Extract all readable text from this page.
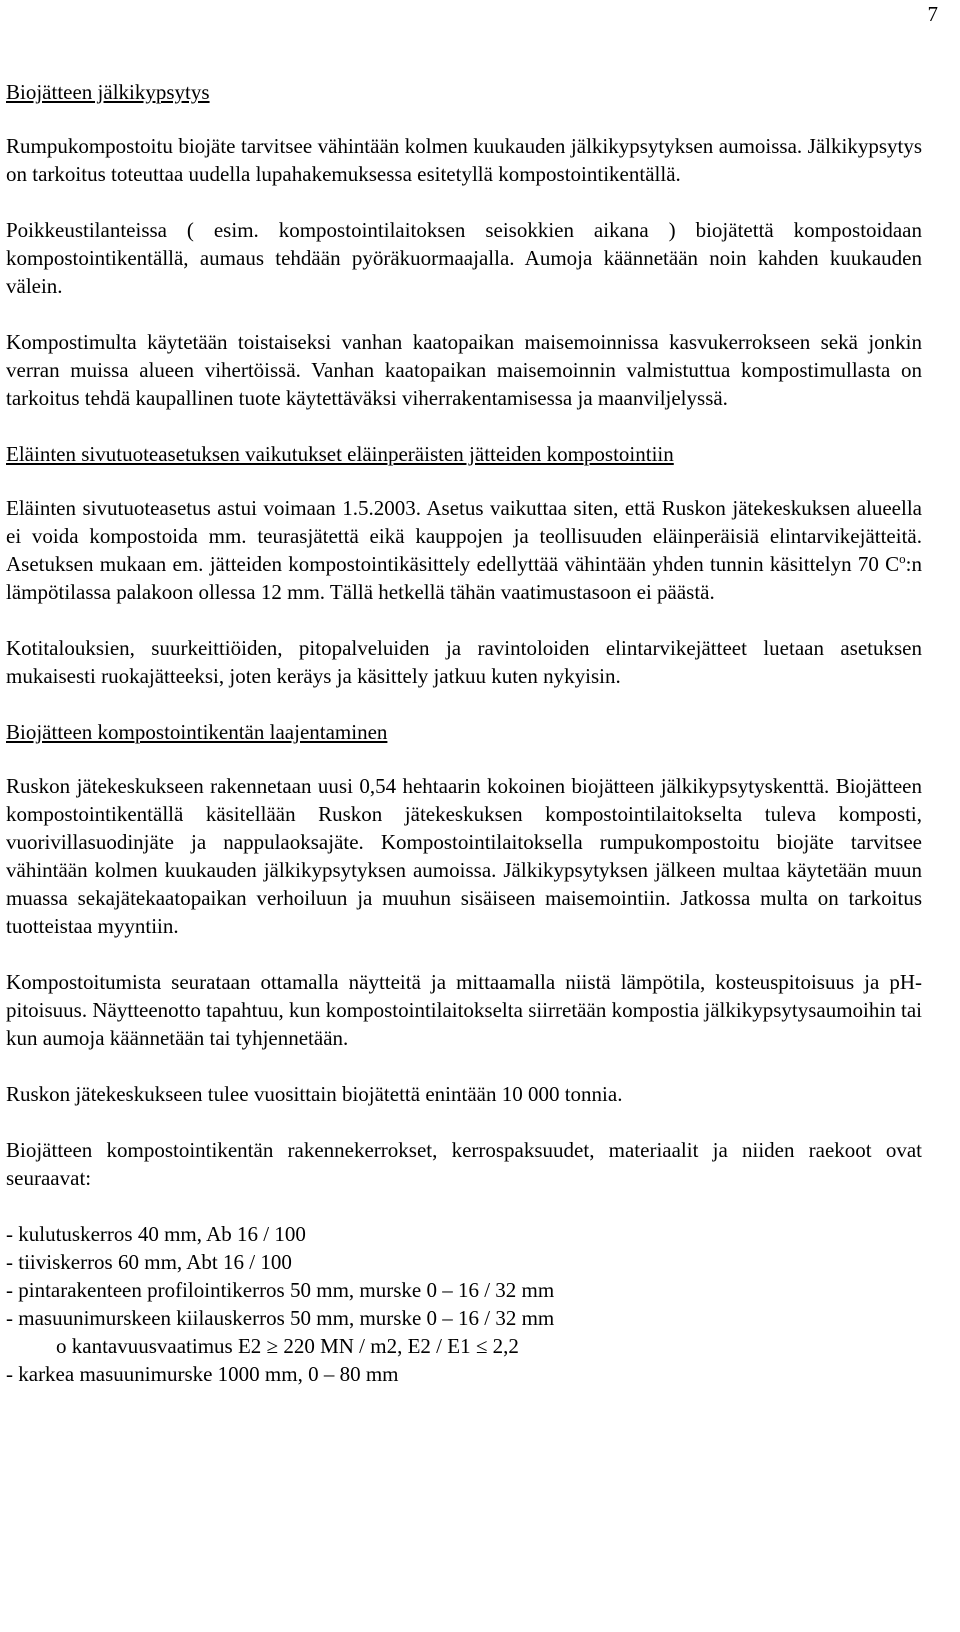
7

Biojätteen jälkikypsytys

Rumpukompostoitu biojäte tarvitsee vähintään kolmen kuukauden jälkikypsytyksen aumoissa. Jälkikypsytys on tarkoitus toteuttaa uudella lupahakemuksessa esitetyllä kompostointikentällä.

Poikkeustilanteissa ( esim. kompostointilaitoksen seisokkien aikana ) biojätettä kompostoidaan kompostointikentällä, aumaus tehdään pyöräkuormaajalla. Aumoja käännetään noin kahden kuukauden välein.

Kompostimulta käytetään toistaiseksi vanhan kaatopaikan maisemoinnissa kasvukerrokseen sekä jonkin verran muissa alueen vihertöissä. Vanhan kaatopaikan maisemoinnin valmistuttua kompostimullasta on tarkoitus tehdä kaupallinen tuote käytettäväksi viherrakentamisessa ja maanviljelyssä.

Eläinten sivutuoteasetuksen vaikutukset eläinperäisten jätteiden kompostointiin

Eläinten sivutuoteasetus astui voimaan 1.5.2003. Asetus vaikuttaa siten, että Ruskon jätekeskuksen alueella ei voida kompostoida mm. teurasjätettä eikä kauppojen ja teollisuuden eläinperäisiä elintarvikejätteitä. Asetuksen mukaan em. jätteiden kompostointikäsittely edellyttää vähintään yhden tunnin käsittelyn 70 $C^o:n$ lämpötilassa palakoon ollessa 12 mm. Tällä hetkellä tähän vaatimustasoon ei päästä.

Kotitalouksien, suurkeittiöiden, pitopalveluiden ja ravintoloiden elintarvikejätteet luetaan asetuksen mukaisesti ruokajätteeksi, joten keräys ja käsittely jatkuu kuten nykyisin.

Biojätteen kompostointikentän laajentaminen

Ruskon jätekeskukseen rakennetaan uusi 0,54 hehtaarin kokoinen biojätteen jälkikypsytyskenttä. Biojätteen kompostointikentällä käsitellään Ruskon jätekeskuksen kompostointilaitokselta tuleva komposti, vuorivillasuodinjäte ja nappulaoksajäte. Kompostointilaitoksella rumpukompostoitu biojäte tarvitsee vähintään kolmen kuukauden jälkikypsytyksen aumoissa. Jälkikypsytyksen jälkeen multaa käytetään muun muassa sekajätekaatopaikan verhoiluun ja muuhun sisäiseen maisemointiin. Jatkossa multa on tarkoitus tuotteistaa myyntiin.

Kompostoitumista seurataan ottamalla näytteitä ja mittaamalla niistä lämpötila, kosteuspitoisuus ja pH-pitoisuus. Näytteenotto tapahtuu, kun kompostointilaitokselta siirretään kompostia jälkikypsytysaumoihin tai kun aumoja käännetään tai tyhjennetään.

Ruskon jätekeskukseen tulee vuosittain biojätettä enintään 10 000 tonnia.

Biojätteen kompostointikentän rakennekerrokset, kerrospaksuudet, materiaalit ja niiden raekoot ovat seuraavat:

- kulutuskerros 40 mm, Ab 16 / 100
- tiiviskerros 60 mm, Abt 16 / 100
- pintarakenteen profilointikerros 50 mm, murske 0 – 16 / 32 mm
- masuunimurskeen kiilauskerros 50 mm, murske 0 – 16 / 32 mm
o kantavuusvaatimus E2 ≥ 220 MN / m2, E2 / E1 ≤ 2,2
- karkea masuunimurske 1000 mm, 0 – 80 mm
